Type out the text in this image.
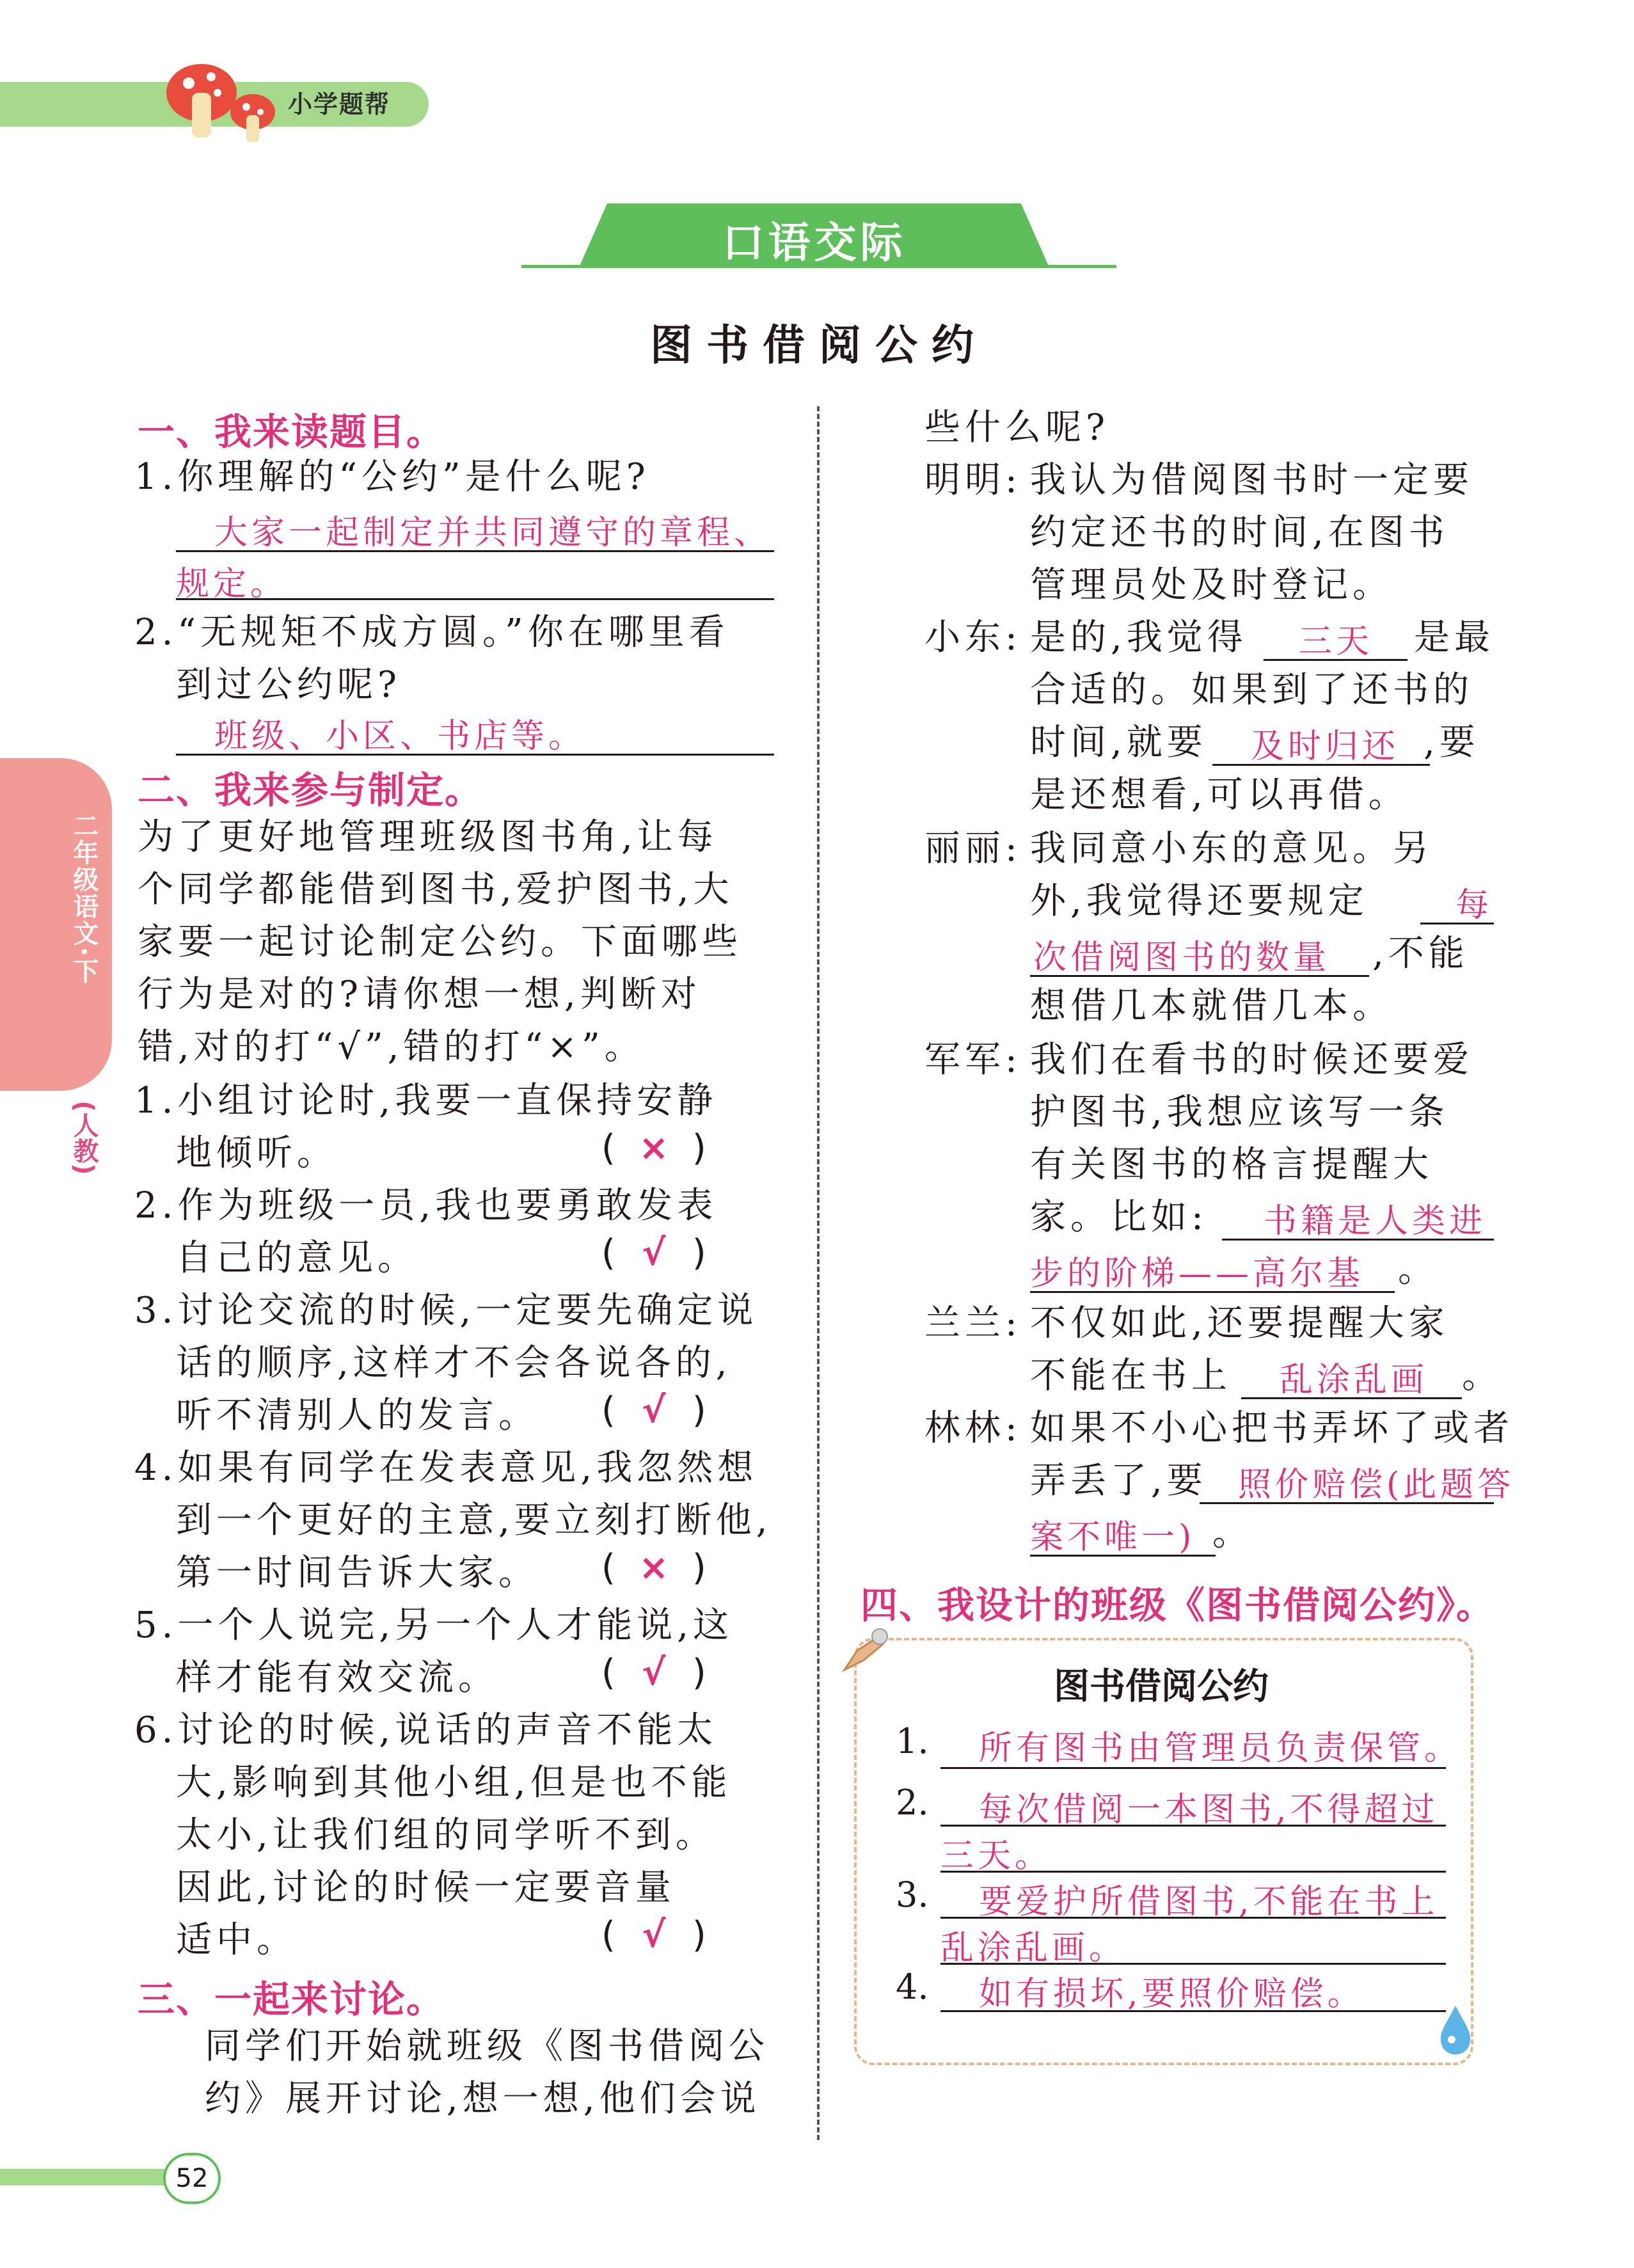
小学题帮
口语交际
图书借阅公约
二年级语文·下
(人教)
一、我来读题目。
1.你理解的“公约”是什么呢?
大家一起制定并共同遵守的章程、
规定。
2.“无规矩不成方圆。”你在哪里看
到过公约呢?
班级、小区、书店等。
二、我来参与制定。
为了更好地管理班级图书角,让每
个同学都能借到图书,爱护图书,大
家要一起讨论制定公约。下面哪些
行为是对的?请你想一想,判断对
错,对的打“√”,错的打“×”。
1.小组讨论时,我要一直保持安静
地倾听。	( × )
2.作为班级一员,我也要勇敢发表
自己的意见。	( √ )
3.讨论交流的时候,一定要先确定说
话的顺序,这样才不会各说各的,
听不清别人的发言。 ( √ )
4.如果有同学在发表意见,我忽然想
到一个更好的主意,要立刻打断他,
第一时间告诉大家。 ( × )
5.一个人说完,另一个人才能说,这
样才能有效交流。	( √ )
6.讨论的时候,说话的声音不能太
大,影响到其他小组,但是也不能
太小,让我们组的同学听不到。
因此,讨论的时候一定要音量
适中。	( √ )
三、一起来讨论。
同学们开始就班级《图书借阅公
约》展开讨论,想一想,他们会说
些什么呢?
明明: 我认为借阅图书时一定要
约定还书的时间,在图书
管理员处及时登记。
小东: 是的,我觉得 三天 是最
合适的。如果到了还书的
时间,就要 及时归还 ,要
是还想看,可以再借。
丽丽: 我同意小东的意见。另
外,我觉得还要规定	每
次借阅图书的数量 ,不能
想借几本就借几本。
军军: 我们在看书的时候还要爱
护图书,我想应该写一条
有关图书的格言提醒大
家。比如: 书籍是人类进
步的阶梯——高尔基 。
兰兰: 不仅如此,还要提醒大家
不能在书上 乱涂乱画 。
林林: 如果不小心把书弄坏了或者
弄丢了,要 照价赔偿(此题答
案不唯一) 。
四、我设计的班级《图书借阅公约》。
图书借阅公约
1. 所有图书由管理员负责保管。
2. 每次借阅一本图书,不得超过
三天。
3. 要爱护所借图书,不能在书上
乱涂乱画。
4. 如有损坏,要照价赔偿。
52
